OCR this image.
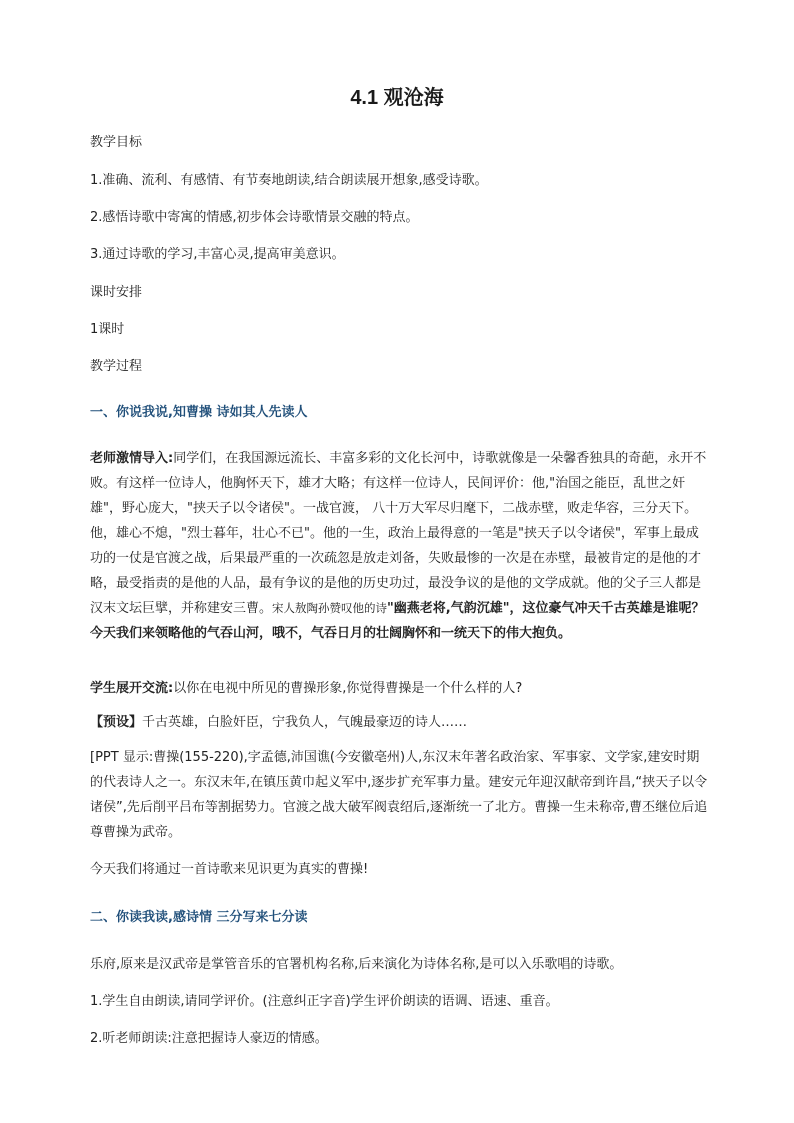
4.1 观沧海
教学目标
1.准确、流利、有感情、有节奏地朗读,结合朗读展开想象,感受诗歌。
2.感悟诗歌中寄寓的情感,初步体会诗歌情景交融的特点。
3.通过诗歌的学习,丰富心灵,提高审美意识。
课时安排
1课时
教学过程
一、你说我说,知曹操 诗如其人先读人
老师激情导入:同学们，在我国源远流长、丰富多彩的文化长河中，诗歌就像是一朵馨香独具的奇葩，永开不败。有这样一位诗人，他胸怀天下，雄才大略；有这样一位诗人，民间评价：他,"治国之能臣，乱世之奸雄"，野心庞大，"挟天子以令诸侯"。一战官渡， 八十万大军尽归麾下，二战赤壁，败走华容，三分天下。他，雄心不熄，"烈士暮年，壮心不已"。他的一生，政治上最得意的一笔是"挟天子以令诸侯"，军事上最成功的一仗是官渡之战，后果最严重的一次疏忽是放走刘备，失败最惨的一次是在赤壁，最被肯定的是他的才略，最受指责的是他的人品，最有争议的是他的历史功过，最没争议的是他的文学成就。他的父子三人都是汉末文坛巨擘，并称建安三曹。宋人敖陶孙赞叹他的诗"幽燕老将,气韵沉雄"，这位豪气冲天千古英雄是谁呢？今天我们来领略他的气吞山河，哦不，气吞日月的壮阔胸怀和一统天下的伟大抱负。
学生展开交流:以你在电视中所见的曹操形象,你觉得曹操是一个什么样的人?
【预设】千古英雄，白脸奸臣，宁我负人，气魄最豪迈的诗人……
[PPT 显示:曹操(155-220),字孟德,沛国谯(今安徽亳州)人,东汉末年著名政治家、军事家、文学家,建安时期的代表诗人之一。东汉末年,在镇压黄巾起义军中,逐步扩充军事力量。建安元年迎汉献帝到许昌,“挟天子以令诸侯”,先后削平吕布等割据势力。官渡之战大破军阀袁绍后,逐渐统一了北方。曹操一生未称帝,曹丕继位后追尊曹操为武帝。
今天我们将通过一首诗歌来见识更为真实的曹操!
二、你读我读,感诗情 三分写来七分读
乐府,原来是汉武帝是掌管音乐的官署机构名称,后来演化为诗体名称,是可以入乐歌唱的诗歌。
1.学生自由朗读,请同学评价。(注意纠正字音)学生评价朗读的语调、语速、重音。
2.听老师朗读:注意把握诗人豪迈的情感。
